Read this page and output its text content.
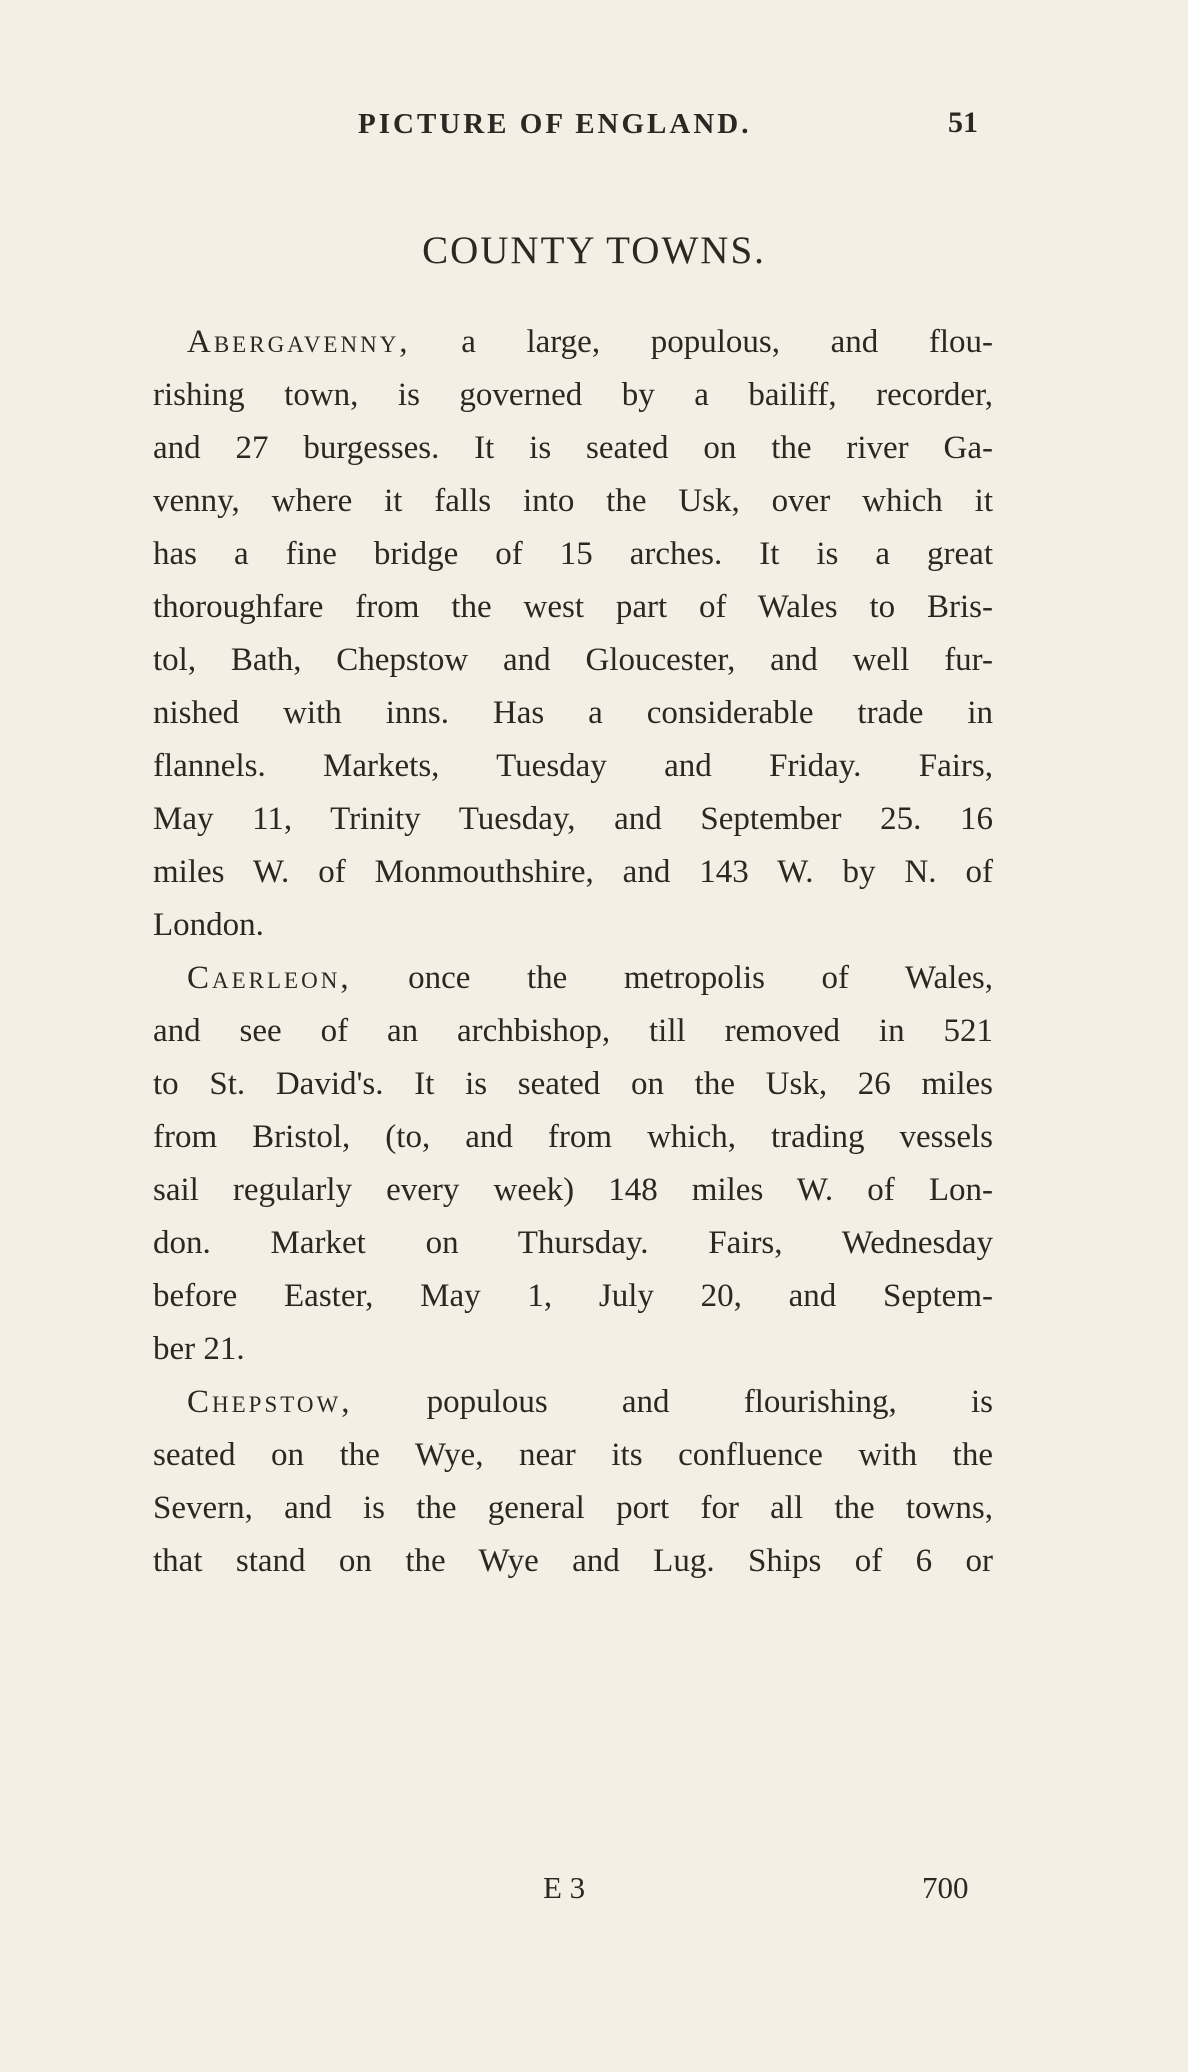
PICTURE OF ENGLAND.	51
COUNTY TOWNS.
Abergavenny, a large, populous, and flou-
rishing town, is governed by a bailiff, recorder,
and 27 burgesses. It is seated on the river Ga-
venny, where it falls into the Usk, over which it
has a fine bridge of 15 arches. It is a great
thoroughfare from the west part of Wales to Bris-
tol, Bath, Chepstow and Gloucester, and well fur-
nished with inns. Has a considerable trade in
flannels. Markets, Tuesday and Friday. Fairs,
May 11, Trinity Tuesday, and September 25. 16
miles W. of Monmouthshire, and 143 W. by N. of
London.
Caerleon, once the metropolis of Wales,
and see of an archbishop, till removed in 521
to St. David's. It is seated on the Usk, 26 miles
from Bristol, (to, and from which, trading vessels
sail regularly every week) 148 miles W. of Lon-
don. Market on Thursday. Fairs, Wednesday
before Easter, May 1, July 20, and Septem-
ber 21.
Chepstow, populous and flourishing, is
seated on the Wye, near its confluence with the
Severn, and is the general port for all the towns,
that stand on the Wye and Lug. Ships of 6 or
E 3	700
